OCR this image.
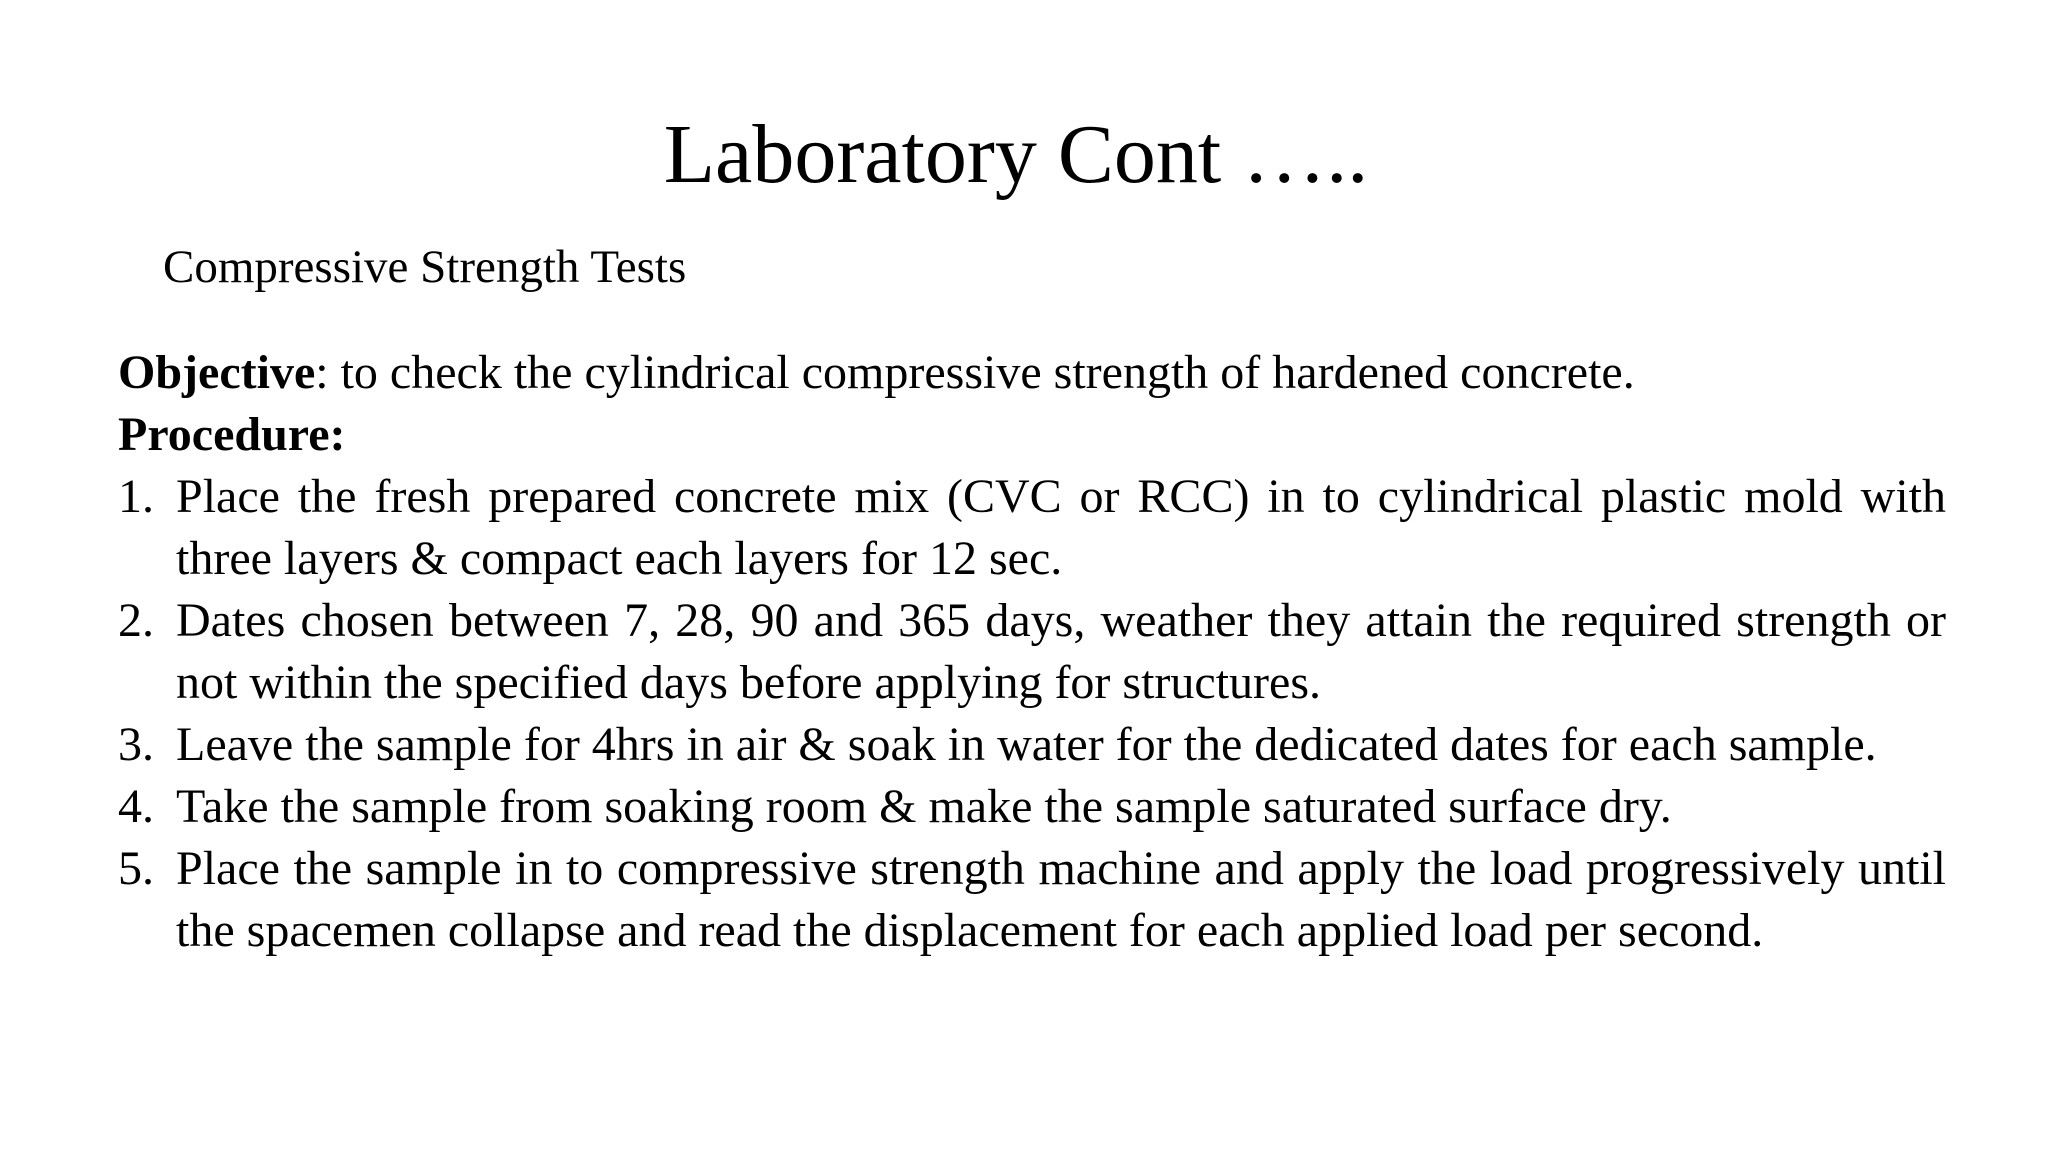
Laboratory Cont …..
Compressive Strength Tests

Objective: to check the cylindrical compressive strength of hardened concrete.

Procedure:

1. Place the fresh prepared concrete mix (CVC or RCC) in to cylindrical plastic mold with three layers & compact each layers for 12 sec.
2. Dates chosen between 7, 28, 90 and 365 days, weather they attain the required strength or not within the specified days before applying for structures.
3. Leave the sample for 4hrs in air & soak in water for the dedicated dates for each sample.
4. Take the sample from soaking room & make the sample saturated surface dry.
5. Place the sample in to compressive strength machine and apply the load progressively until the spacemen collapse and read the displacement for each applied load per second.
